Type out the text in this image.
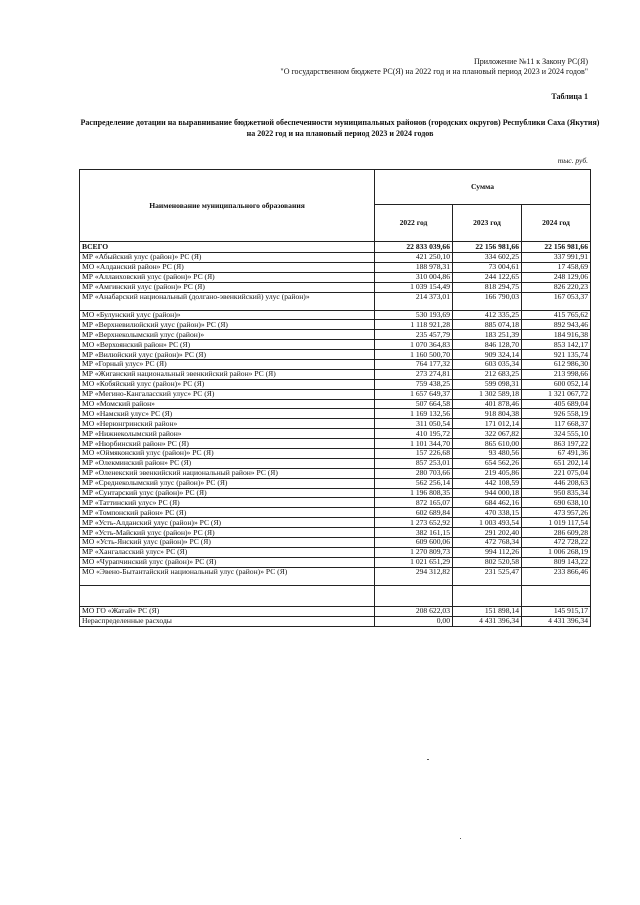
Приложение №11 к Закону РС(Я)
"О государственном бюджете РС(Я) на 2022 год и на плановый период 2023 и 2024 годов"
Таблица 1
Распределение дотации на выравнивание бюджетной обеспеченности муниципальных районов (городских округов) Республики Саха (Якутия) на 2022 год и на плановый период 2023 и 2024 годов
тыс. руб.
Наименование муниципального образования	Сумма		
	2022 год	2023 год	2024 год
ВСЕГО	22 833 039,66	22 156 981,66	22 156 981,66
МР «Абыйский улус (район)» РС (Я)	421 250,10	334 602,25	337 991,91
МО «Алданский район» РС (Я)	188 978,31	73 004,61	17 458,69
МР «Аллаиховский улус (район)» РС (Я)	310 004,86	244 122,65	248 129,06
МР «Амгинский улус (район)» РС (Я)	1 039 154,49	818 294,75	826 220,23
МР «Анабарский национальный (долгано-эвенкийский) улус (район)»	214 373,01	166 790,03	167 053,37
МО «Булунский улус (район)»	530 193,69	412 335,25	415 765,62
МР «Верхневилюйский улус (район)» РС (Я)	1 118 921,28	885 074,18	892 943,46
МР «Верхнеколымский улус (район)»	235 457,79	183 251,39	184 916,38
МО «Верхоянский район» РС (Я)	1 070 364,83	846 128,70	853 142,17
МР «Вилюйский улус (район)» РС (Я)	1 160 500,70	909 324,14	921 135,74
МР «Горный улус» РС (Я)	764 177,32	603 035,34	612 986,30
МР «Жиганский национальный эвенкийский район» РС (Я)	273 274,81	212 683,25	213 998,66
МО «Кобяйский улус (район)» РС (Я)	759 438,25	599 098,31	600 052,14
МР «Мегино-Кангаласский улус» РС (Я)	1 657 649,37	1 302 589,18	1 321 067,72
МО «Момский район»	507 664,58	401 878,46	405 689,04
МО «Намский улус» РС (Я)	1 169 132,56	918 804,38	926 558,19
МО «Нерюнгринский район»	311 050,54	171 012,14	117 668,37
МР «Нижнеколымский район»	410 195,72	322 067,82	324 555,10
МР «Нюрбинский район» РС (Я)	1 101 344,70	865 610,00	863 197,22
МО «Оймяконский улус (район)» РС (Я)	157 226,68	93 480,56	67 491,36
МР «Олекминский район» РС (Я)	857 253,01	654 562,26	651 202,14
МР «Оленекский эвенкийский национальный район» РС (Я)	280 703,66	219 405,86	221 075,04
МР «Среднеколымский улус (район)» РС (Я)	562 256,14	442 108,59	446 208,63
МР «Сунтарский улус (район)» РС (Я)	1 196 808,35	944 000,18	950 835,34
МР «Таттинский улус» РС (Я)	872 165,07	684 462,16	690 638,10
МР «Томпонский район» РС (Я)	602 689,84	470 338,15	473 957,26
МР «Усть-Алданский улус (район)» РС (Я)	1 273 652,92	1 003 493,54	1 019 117,54
МР «Усть-Майский улус (район)» РС (Я)	382 161,15	291 202,40	286 609,28
МО «Усть-Янский улус (район)» РС (Я)	609 600,06	472 768,34	472 728,22
МР «Хангаласский улус» РС (Я)	1 270 809,73	994 112,26	1 006 268,19
МО «Чурапчинский улус (район)» РС (Я)	1 021 651,29	802 520,58	809 143,22
МО «Эвено-Бытантайский национальный улус (район)» РС (Я)	294 312,82	231 525,47	233 866,46

МО ГО «Жатай» РС (Я)	208 622,03	151 898,14	145 915,17
Нераспределенные расходы	0,00	4 431 396,34	4 431 396,34
